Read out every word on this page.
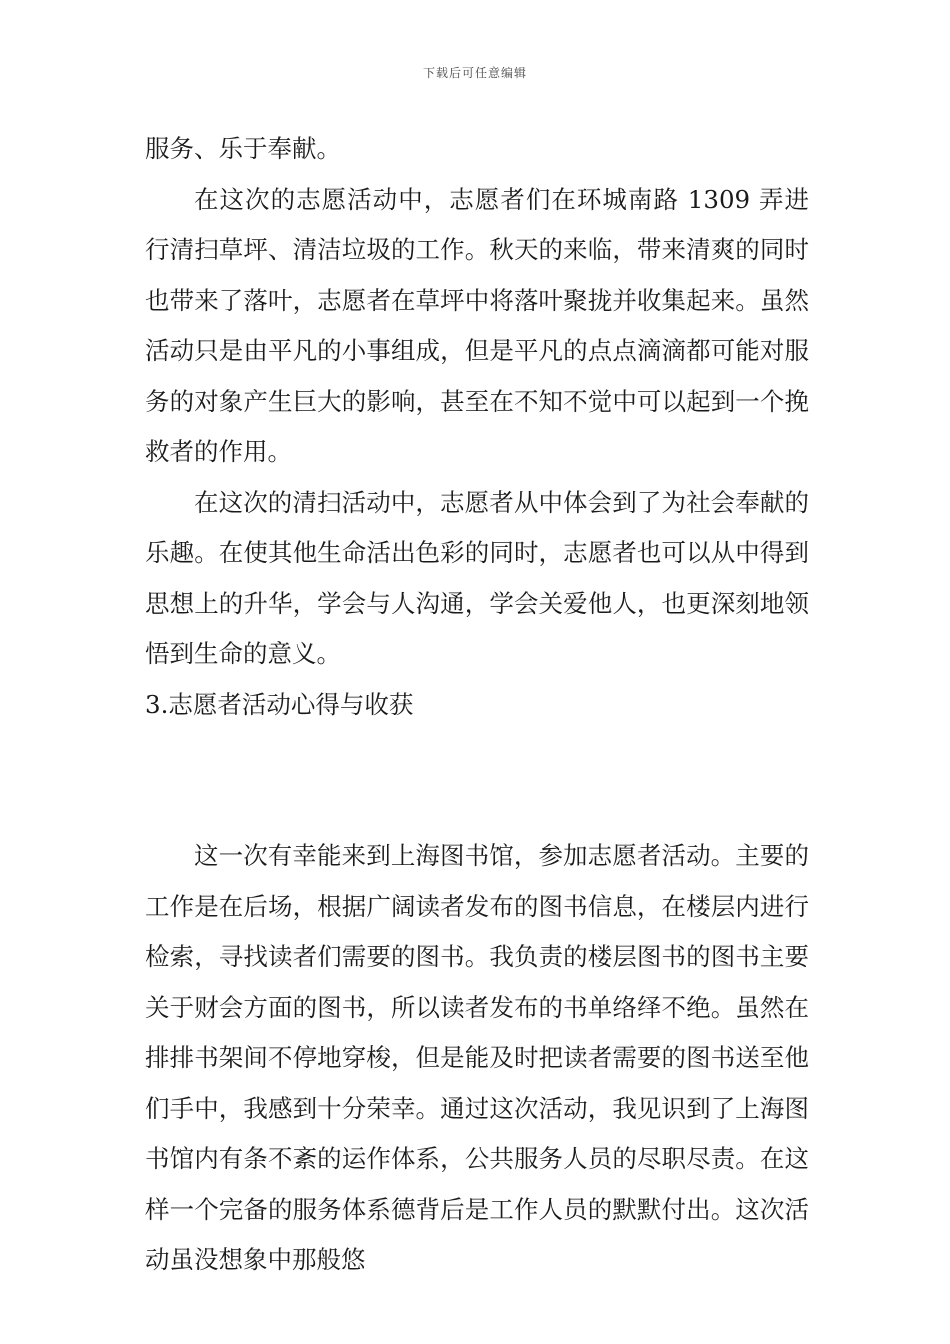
下载后可任意编辑

服务、乐于奉献。

在这次的志愿活动中，志愿者们在环城南路 1309 弄进行清扫草坪、清洁垃圾的工作。秋天的来临，带来清爽的同时也带来了落叶，志愿者在草坪中将落叶聚拢并收集起来。虽然活动只是由平凡的小事组成，但是平凡的点点滴滴都可能对服务的对象产生巨大的影响，甚至在不知不觉中可以起到一个挽救者的作用。

在这次的清扫活动中，志愿者从中体会到了为社会奉献的乐趣。在使其他生命活出色彩的同时，志愿者也可以从中得到思想上的升华，学会与人沟通，学会关爱他人，也更深刻地领悟到生命的意义。

3.志愿者活动心得与收获

这一次有幸能来到上海图书馆，参加志愿者活动。主要的工作是在后场，根据广阔读者发布的图书信息，在楼层内进行检索，寻找读者们需要的图书。我负责的楼层图书的图书主要关于财会方面的图书，所以读者发布的书单络绎不绝。虽然在排排书架间不停地穿梭，但是能及时把读者需要的图书送至他们手中，我感到十分荣幸。通过这次活动，我见识到了上海图书馆内有条不紊的运作体系，公共服务人员的尽职尽责。在这样一个完备的服务体系德背后是工作人员的默默付出。这次活动虽没想象中那般悠
